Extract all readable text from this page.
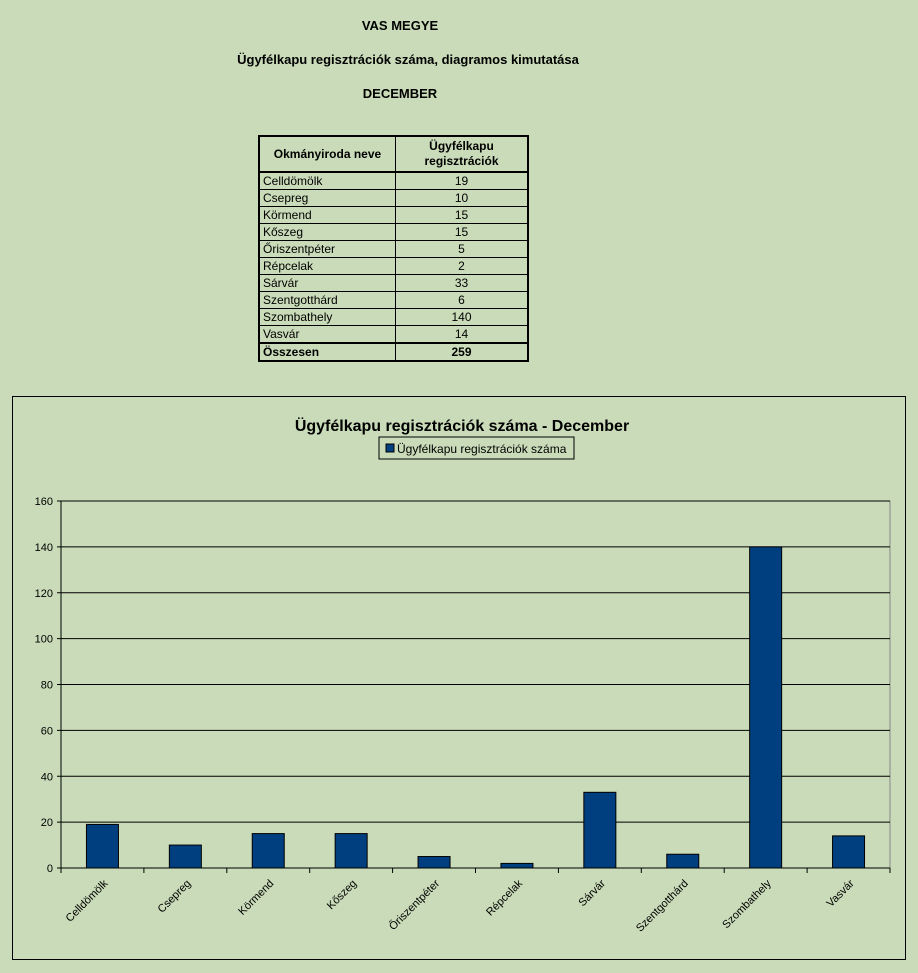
VAS MEGYE
Ügyfélkapu regisztrációk száma, diagramos kimutatása
DECEMBER
Okmányiroda neve	Ügyfélkapu regisztrációk
Celldömölk	19
Csepreg	10
Körmend	15
Kőszeg	15
Őriszentpéter	5
Répcelak	2
Sárvár	33
Szentgotthárd	6
Szombathely	140
Vasvár	14
Összesen	259
Ügyfélkapu regisztrációk száma - December
Ügyfélkapu regisztrációk száma
0
20
40
60
80
100
120
140
160
Celldömölk	Csepreg	Körmend	Kőszeg	Őriszentpéter	Répcelak	Sárvár Szentgotthárd	Szombathely	Vasvár
